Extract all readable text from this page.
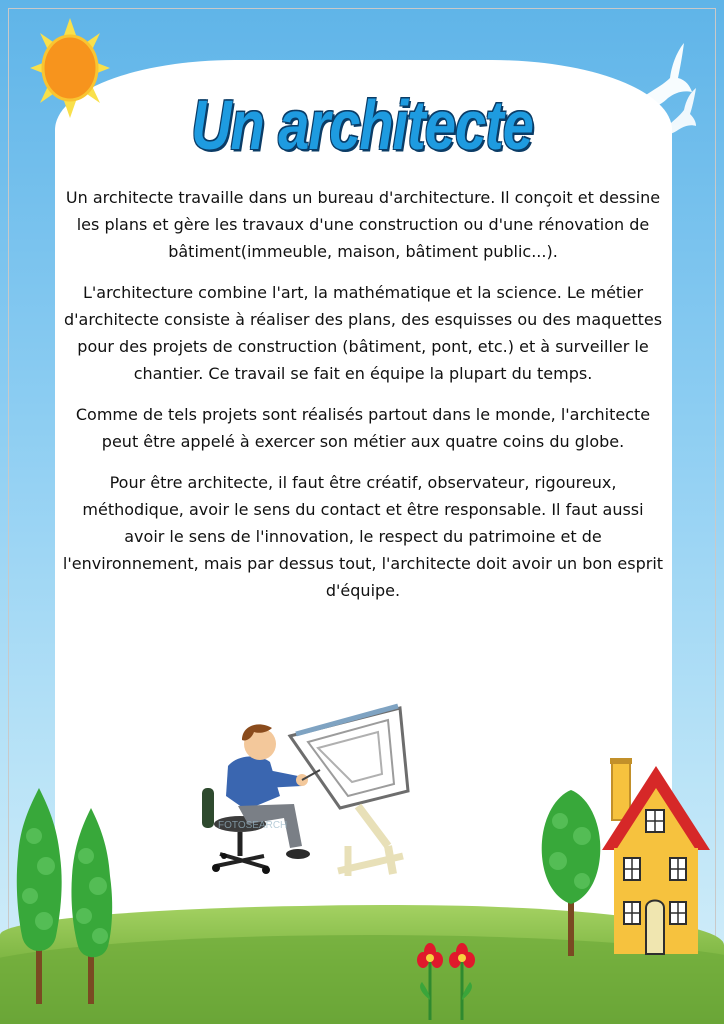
Un architecte

Un architecte travaille dans un bureau d'architecture. Il conçoit et dessine les plans et gère les travaux d'une construction ou d'une rénovation de bâtiment(immeuble, maison, bâtiment public...).

L'architecture combine l'art, la mathématique et la science. Le métier d'architecte consiste à réaliser des plans, des esquisses ou des maquettes pour des projets de construction (bâtiment, pont, etc.) et à surveiller le chantier. Ce travail se fait en équipe la plupart du temps.

Comme de tels projets sont réalisés partout dans le monde, l'architecte peut être appelé à exercer son métier aux quatre coins du globe.

Pour être architecte, il faut être créatif, observateur, rigoureux, méthodique, avoir le sens du contact et être responsable. Il faut aussi avoir le sens de l'innovation, le respect du patrimoine et de l'environnement, mais par dessus tout, l'architecte doit avoir un bon esprit d'équipe.

FOTOSEARCH
